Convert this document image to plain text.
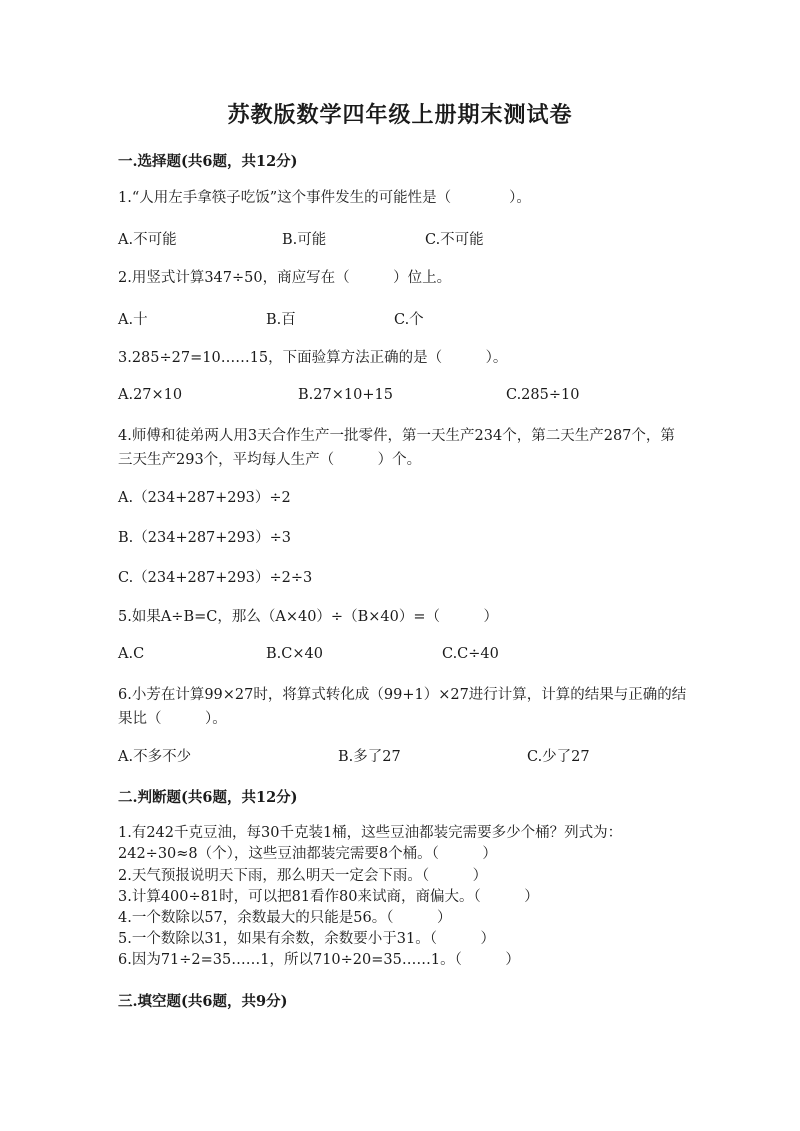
苏教版数学四年级上册期末测试卷
一.选择题(共6题，共12分)
1.“人用左手拿筷子吃饭”这个事件发生的可能性是（　　　　）。
A.不可能	B.可能	C.不可能
2.用竖式计算347÷50，商应写在（　　　）位上。
A.十	B.百	C.个
3.285÷27=10……15，下面验算方法正确的是（　　　）。
A.27×10	B.27×10+15	C.285÷10
4.师傅和徒弟两人用3天合作生产一批零件，第一天生产234个，第二天生产287个，第三天生产293个，平均每人生产（　　　）个。
A.（234+287+293）÷2
B.（234+287+293）÷3
C.（234+287+293）÷2÷3
5.如果A÷B=C，那么（A×40）÷（B×40）=（　　　）
A.C	B.C×40	C.C÷40
6.小芳在计算99×27时，将算式转化成（99+1）×27进行计算，计算的结果与正确的结果比（　　　）。
A.不多不少	B.多了27	C.少了27
二.判断题(共6题，共12分)
1.有242千克豆油，每30千克装1桶，这些豆油都装完需要多少个桶？列式为：242÷30≈8（个），这些豆油都装完需要8个桶。（　　　）
2.天气预报说明天下雨，那么明天一定会下雨。（　　　）
3.计算400÷81时，可以把81看作80来试商，商偏大。（　　　）
4.一个数除以57，余数最大的只能是56。（　　　）
5.一个数除以31，如果有余数，余数要小于31。（　　　）
6.因为71÷2=35……1，所以710÷20=35……1。（　　　）
三.填空题(共6题，共9分)
